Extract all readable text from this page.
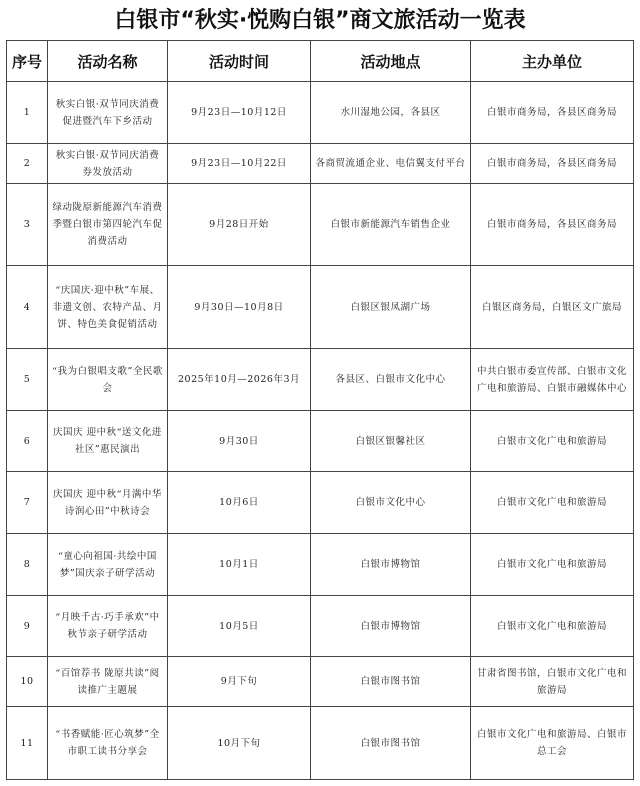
白银市“秋实·悦购白银”商文旅活动一览表
序号	活动名称	活动时间	活动地点	主办单位
1	秋实白银·双节同庆消费促进暨汽车下乡活动	9月23日—10月12日	水川湿地公园，各县区	白银市商务局，各县区商务局
2	秋实白银·双节同庆消费券发放活动	9月23日—10月22日	各商贸流通企业、电信翼支付平台	白银市商务局，各县区商务局
3	绿动陇原新能源汽车消费季暨白银市第四轮汽车促消费活动	9月28日开始	白银市新能源汽车销售企业	白银市商务局，各县区商务局
4	“庆国庆·迎中秋”车展、非遗文创、农特产品、月饼、特色美食促销活动	9月30日—10月8日	白银区银凤湖广场	白银区商务局，白银区文广旅局
5	“我为白银唱支歌”全民歌会	2025年10月—2026年3月	各县区、白银市文化中心	中共白银市委宣传部、白银市文化广电和旅游局、白银市融媒体中心
6	庆国庆 迎中秋“送文化进社区”惠民演出	9月30日	白银区银馨社区	白银市文化广电和旅游局
7	庆国庆 迎中秋“月满中华 诗润心田”中秋诗会	10月6日	白银市文化中心	白银市文化广电和旅游局
8	“童心向祖国·共绘中国梦”国庆亲子研学活动	10月1日	白银市博物馆	白银市文化广电和旅游局
9	“月映千古·巧手承欢”中秋节亲子研学活动	10月5日	白银市博物馆	白银市文化广电和旅游局
10	“百馆荐书 陇原共读”阅读推广主题展	9月下旬	白银市图书馆	甘肃省图书馆，白银市文化广电和旅游局
11	“书香赋能·匠心筑梦”全市职工读书分享会	10月下旬	白银市图书馆	白银市文化广电和旅游局、白银市总工会
